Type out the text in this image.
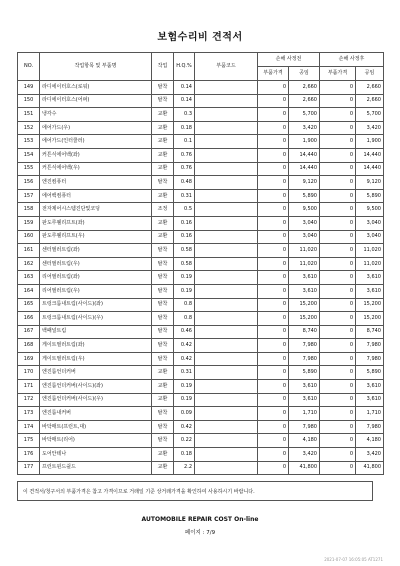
보험수리비 견적서
NO.	작업항목 및 부품명	작업	H.Q.%	부품코드	손해 사정전		손해 사정후	
					부품가격	공임	부품가격	공임
149	라디에이터호스(로워)	탈착	0.14		0	2,660	0	2,660
150	라디에이터호스(어퍼)	탈착	0.14		0	2,660	0	2,660
151	냉각수	교환	0.3		0	5,700	0	5,700
152	에어가드(우)	교환	0.18		0	3,420	0	3,420
153	에어가드(인터쿨러)	교환	0.1		0	1,900	0	1,900
154	커튼식에어백(좌)	교환	0.76		0	14,440	0	14,440
155	커튼식에어백(우)	교환	0.76		0	14,440	0	14,440
156	엔진컴퓨터	탈착	0.48		0	9,120	0	9,120
157	에어백컴퓨터	교환	0.31		0	5,890	0	5,890
158	전자제어시스템진단및코딩	조정	0.5		0	9,500	0	9,500
159	판도루웰리프트(좌)	교환	0.16		0	3,040	0	3,040
160	판도루웰리프트(우)	교환	0.16		0	3,040	0	3,040
161	센터필러트림(좌)	탈착	0.58		0	11,020	0	11,020
162	센터필러트림(우)	탈착	0.58		0	11,020	0	11,020
163	리어필러트림(좌)	탈착	0.19		0	3,610	0	3,610
164	리어필러트림(우)	탈착	0.19		0	3,610	0	3,610
165	트렁크룸내트림(사이드)(좌)	탈착	0.8		0	15,200	0	15,200
166	트렁크룸내트림(사이드)(우)	탈착	0.8		0	15,200	0	15,200
167	백패널트림	탈착	0.46		0	8,740	0	8,740
168	게이트필러트림(좌)	탈착	0.42		0	7,980	0	7,980
169	게이트필러트림(우)	탈착	0.42		0	7,980	0	7,980
170	엔진룸언더커버	교환	0.31		0	5,890	0	5,890
171	엔진룸언더커버(사이드)(좌)	교환	0.19		0	3,610	0	3,610
172	엔진룸언더커버(사이드)(우)	교환	0.19		0	3,610	0	3,610
173	엔진룸내커버	탈착	0.09		0	1,710	0	1,710
174	바닥매트(프런트,대)	탈착	0.42		0	7,980	0	7,980
175	바닥매트(리어)	탈착	0.22		0	4,180	0	4,180
176	도어안테나	교환	0.18		0	3,420	0	3,420
177	프런트윈드쉴드	교환	2.2		0	41,800	0	41,800
이 견적서/청구서의 부품가격은 참고 가격이므로 거래일 기준 상거래가격을 확인하여 사용하시기 바랍니다.
AUTOMOBILE REPAIR COST On-line
페이지 : 7/9
2021-07-07 16:05:05 AT1271
